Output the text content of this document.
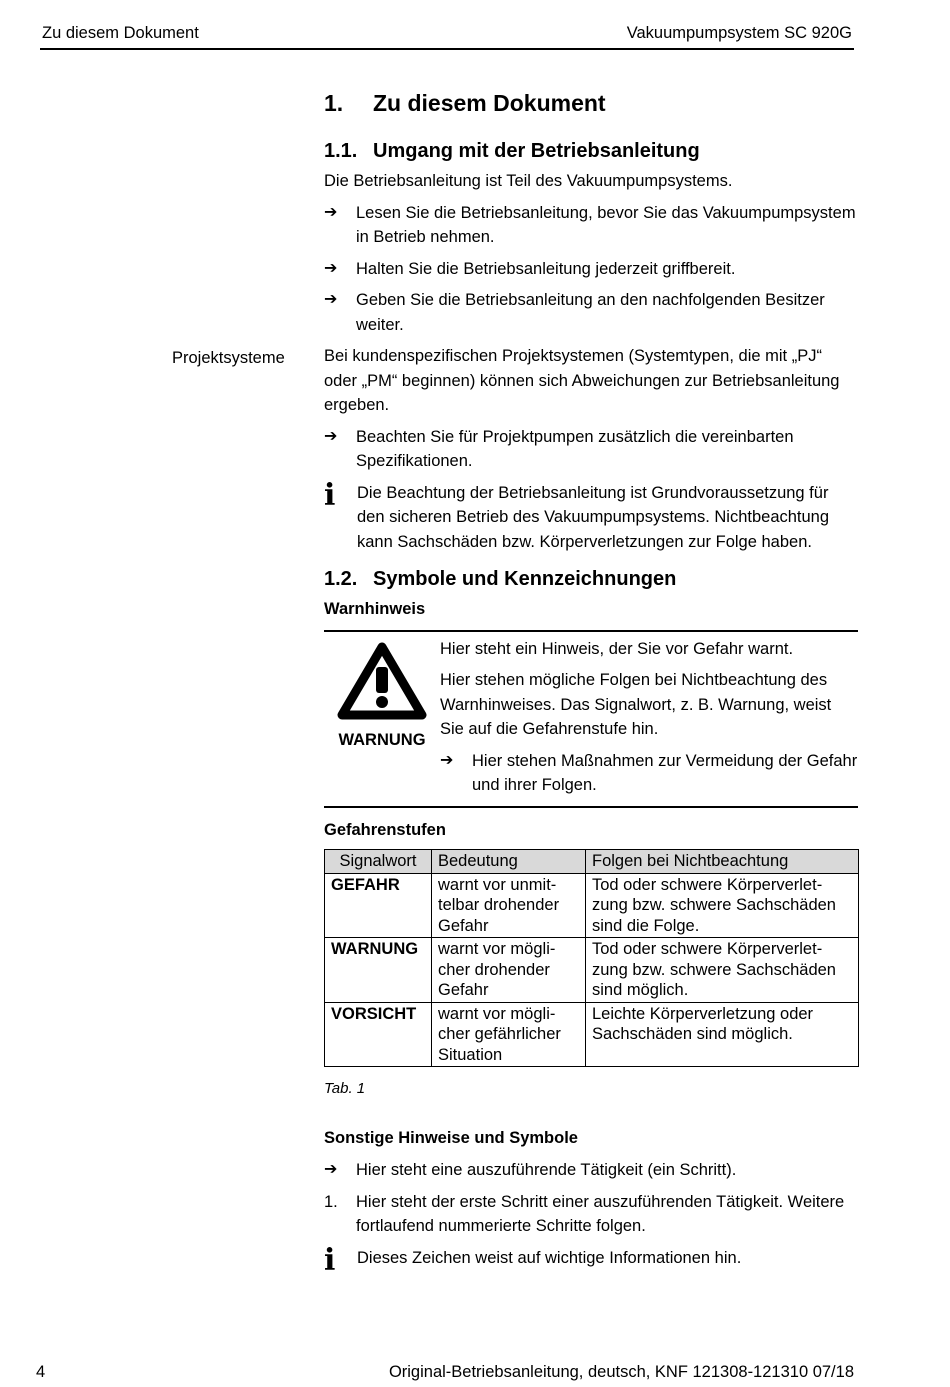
Zu diesem Dokument	Vakuumpumpsystem SC 920G
Projektsysteme
1.	Zu diesem Dokument
1.1. Umgang mit der Betriebsanleitung
Die Betriebsanleitung ist Teil des Vakuumpumpsystems.
➔	Lesen Sie die Betriebsanleitung, bevor Sie das Vakuumpumpsystem in Betrieb nehmen.
➔	Halten Sie die Betriebsanleitung jederzeit griffbereit.
➔	Geben Sie die Betriebsanleitung an den nachfolgenden Besitzer weiter.
Bei kundenspezifischen Projektsystemen (Systemtypen, die mit „PJ“ oder „PM“ beginnen) können sich Abweichungen zur Betriebsanleitung ergeben.
➔	Beachten Sie für Projektpumpen zusätzlich die vereinbarten Spezifikationen.
i	Die Beachtung der Betriebsanleitung ist Grundvoraussetzung für den sicheren Betrieb des Vakuumpumpsystems. Nichtbeachtung kann Sachschäden bzw. Körperverletzungen zur Folge haben.
1.2. Symbole und Kennzeichnungen
Warnhinweis
WARNUNG
Hier steht ein Hinweis, der Sie vor Gefahr warnt.
Hier stehen mögliche Folgen bei Nichtbeachtung des Warnhinweises. Das Signalwort, z. B. Warnung, weist Sie auf die Gefahrenstufe hin.
➔	Hier stehen Maßnahmen zur Vermeidung der Gefahr und ihrer Folgen.
Gefahrenstufen
Signalwort	Bedeutung	Folgen bei Nichtbeachtung
GEFAHR	warnt vor unmittelbar drohender Gefahr	Tod oder schwere Körperverletzung bzw. schwere Sachschäden sind die Folge.
WARNUNG	warnt vor möglicher drohender Gefahr	Tod oder schwere Körperverletzung bzw. schwere Sachschäden sind möglich.
VORSICHT	warnt vor möglicher gefährlicher Situation	Leichte Körperverletzung oder Sachschäden sind möglich.
Tab. 1
Sonstige Hinweise und Symbole
➔	Hier steht eine auszuführende Tätigkeit (ein Schritt).
1.	Hier steht der erste Schritt einer auszuführenden Tätigkeit. Weitere fortlaufend nummerierte Schritte folgen.
i	Dieses Zeichen weist auf wichtige Informationen hin.
4	Original-Betriebsanleitung, deutsch, KNF 121308-121310 07/18
